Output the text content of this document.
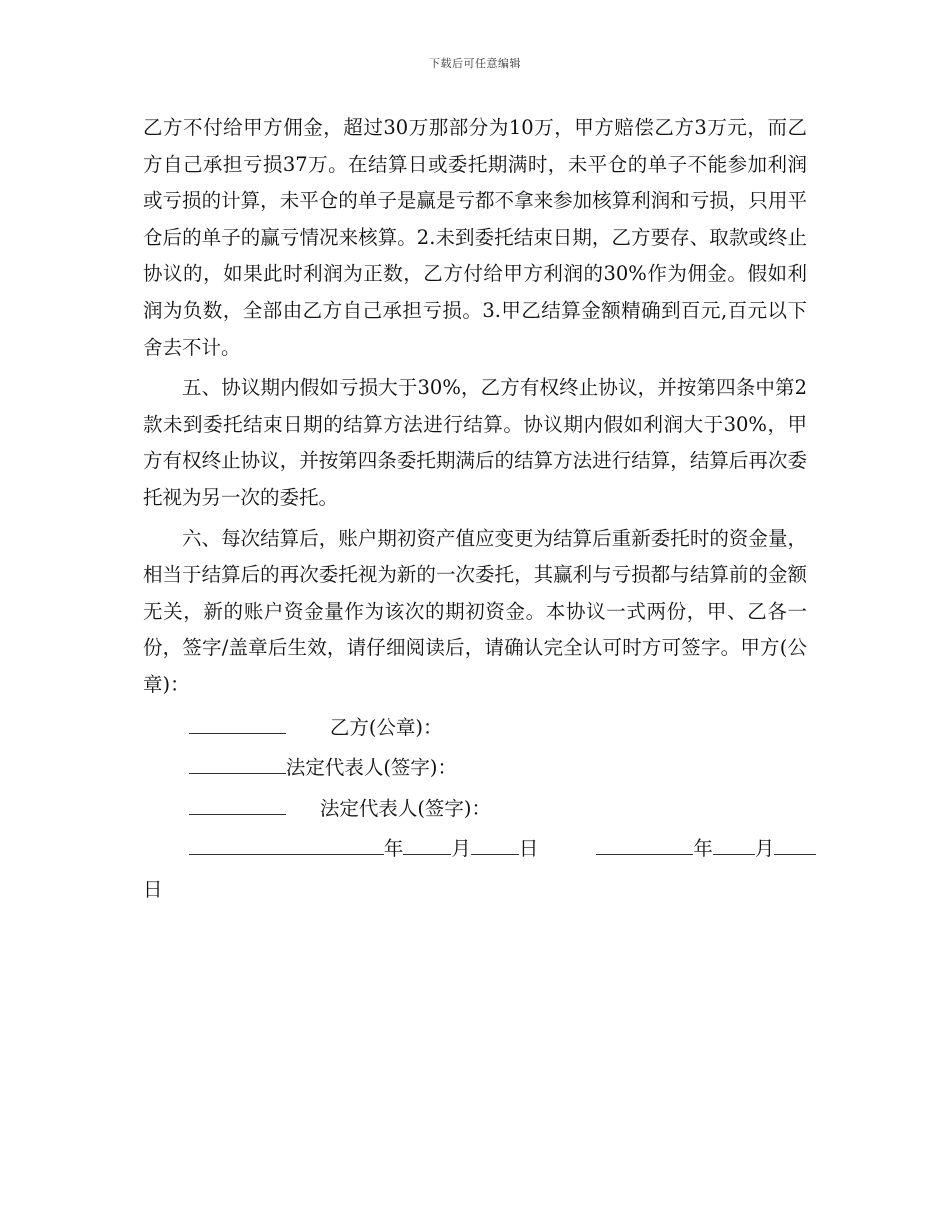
下载后可任意编辑

乙方不付给甲方佣金，超过30万那部分为10万，甲方赔偿乙方3万元，而乙方自己承担亏损37万。在结算日或委托期满时，未平仓的单子不能参加利润或亏损的计算，未平仓的单子是赢是亏都不拿来参加核算利润和亏损，只用平仓后的单子的赢亏情况来核算。2.未到委托结束日期，乙方要存、取款或终止协议的，如果此时利润为正数，乙方付给甲方利润的30%作为佣金。假如利润为负数，全部由乙方自己承担亏损。3.甲乙结算金额精确到百元,百元以下舍去不计。

五、协议期内假如亏损大于30%，乙方有权终止协议，并按第四条中第2款未到委托结束日期的结算方法进行结算。协议期内假如利润大于30%，甲方有权终止协议，并按第四条委托期满后的结算方法进行结算，结算后再次委托视为另一次的委托。

六、每次结算后，账户期初资产值应变更为结算后重新委托时的资金量，相当于结算后的再次委托视为新的一次委托，其赢利与亏损都与结算前的金额无关，新的账户资金量作为该次的期初资金。本协议一式两份，甲、乙各一份，签字/盖章后生效，请仔细阅读后，请确认完全认可时方可签字。甲方(公章)：

乙方(公章)：
法定代表人(签字)：
法定代表人(签字)：
年 月 日	年 月

日
